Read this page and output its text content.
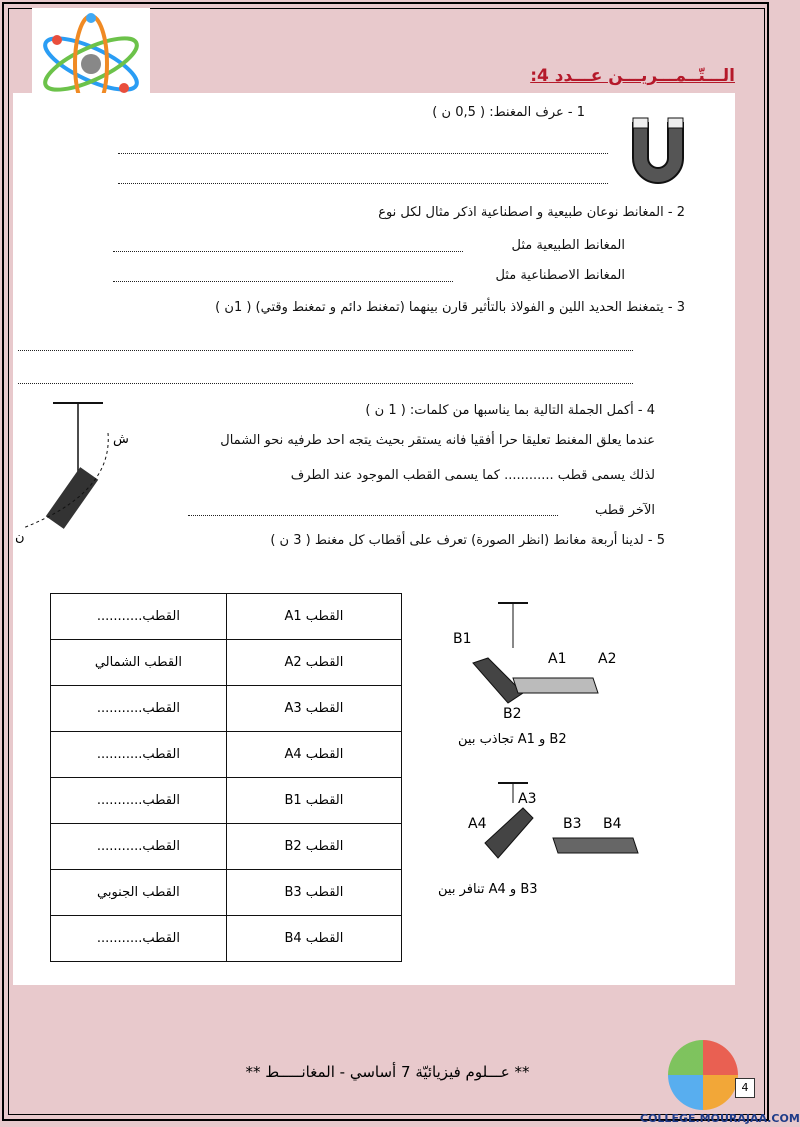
الـــتّــمـــريـــن عـــدد 4:
1 - عرف المغنط: ( 0,5 ن )
2 - المغانط نوعان طبيعية و اصطناعية اذكر مثال لكل نوع
المغانط الطبيعية مثل
المغانط الاصطناعية مثل
3 - يتمغنط الحديد اللين و الفولاذ بالتأثير قارن بينهما (تمغنط دائم و تمغنط وقتي) ( 1ن )
ش
ن
4 - أكمل الجملة التالية بما يناسبها من كلمات: ( 1 ن )
عندما يعلق المغنط تعليقا حرا أفقيا فانه يستقر بحيث يتجه احد طرفيه نحو الشمال
لذلك يسمى قطب ............ كما يسمى القطب الموجود عند الطرف
الآخر قطب
5 - لدينا أربعة مغانط (انظر الصورة) تعرف على أقطاب كل مغنط ( 3 ن )
القطب...........	القطب A1
القطب الشمالي	القطب A2
القطب...........	القطب A3
القطب...........	القطب A4
القطب...........	القطب B1
القطب...........	القطب B2
القطب الجنوبي	القطب B3
القطب...........	القطب B4
B1
A1 A2
B2
تجاذب بين A1 و B2
A3
A4	B3 B4
تنافر بين A4 و B3
** عـــلوم فيزيائيّة 7 أساسي - المغانـــــط **
4
COLLEGE.MOURAJAA.COM
